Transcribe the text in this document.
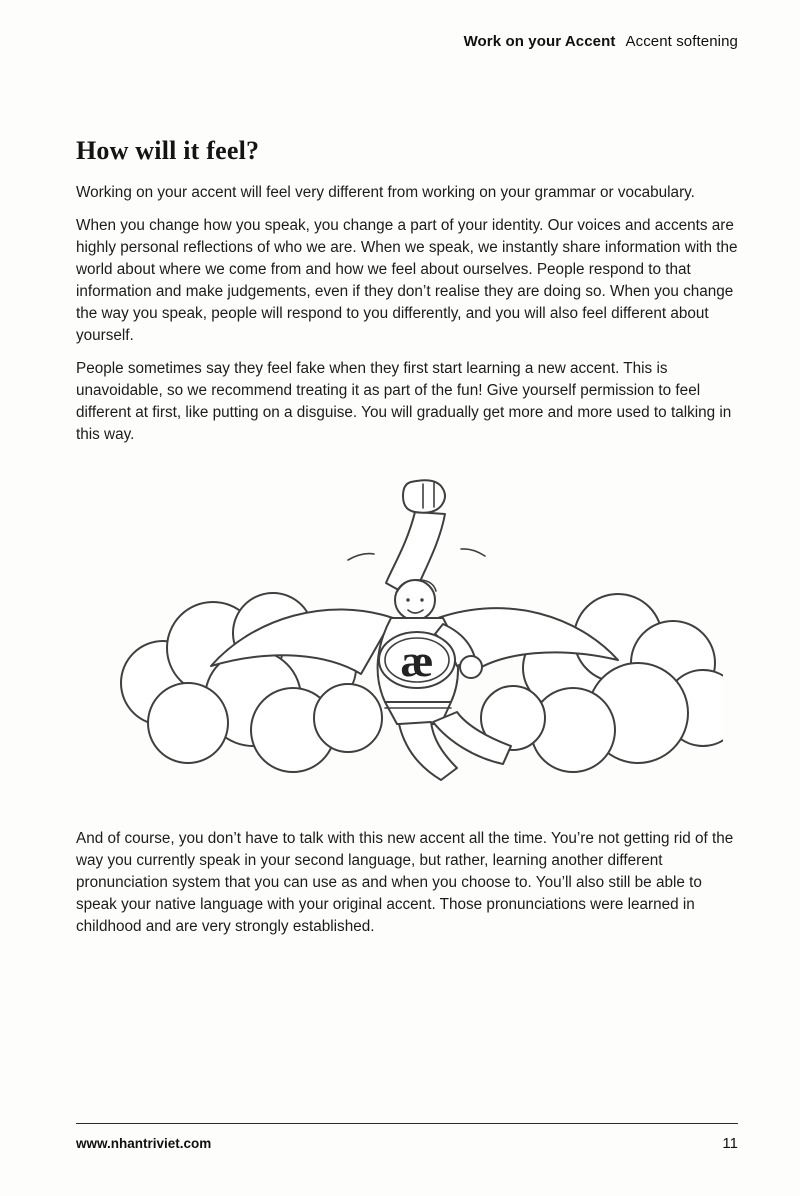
Work on your Accent Accent softening
How will it feel?

Working on your accent will feel very different from working on your grammar or vocabulary.

When you change how you speak, you change a part of your identity. Our voices and accents are highly personal reflections of who we are. When we speak, we instantly share information with the world about where we come from and how we feel about ourselves. People respond to that information and make judgements, even if they don’t realise they are doing so. When you change the way you speak, people will respond to you differently, and you will also feel different about yourself.

People sometimes say they feel fake when they first start learning a new accent. This is unavoidable, so we recommend treating it as part of the fun! Give yourself permission to feel different at first, like putting on a disguise. You will gradually get more and more used to talking in this way.

æ

And of course, you don’t have to talk with this new accent all the time. You’re not getting rid of the way you currently speak in your second language, but rather, learning another different pronunciation system that you can use as and when you choose to. You’ll also still be able to speak your native language with your original accent. Those pronunciations were learned in childhood and are very strongly established.

www.nhantriviet.com	11
